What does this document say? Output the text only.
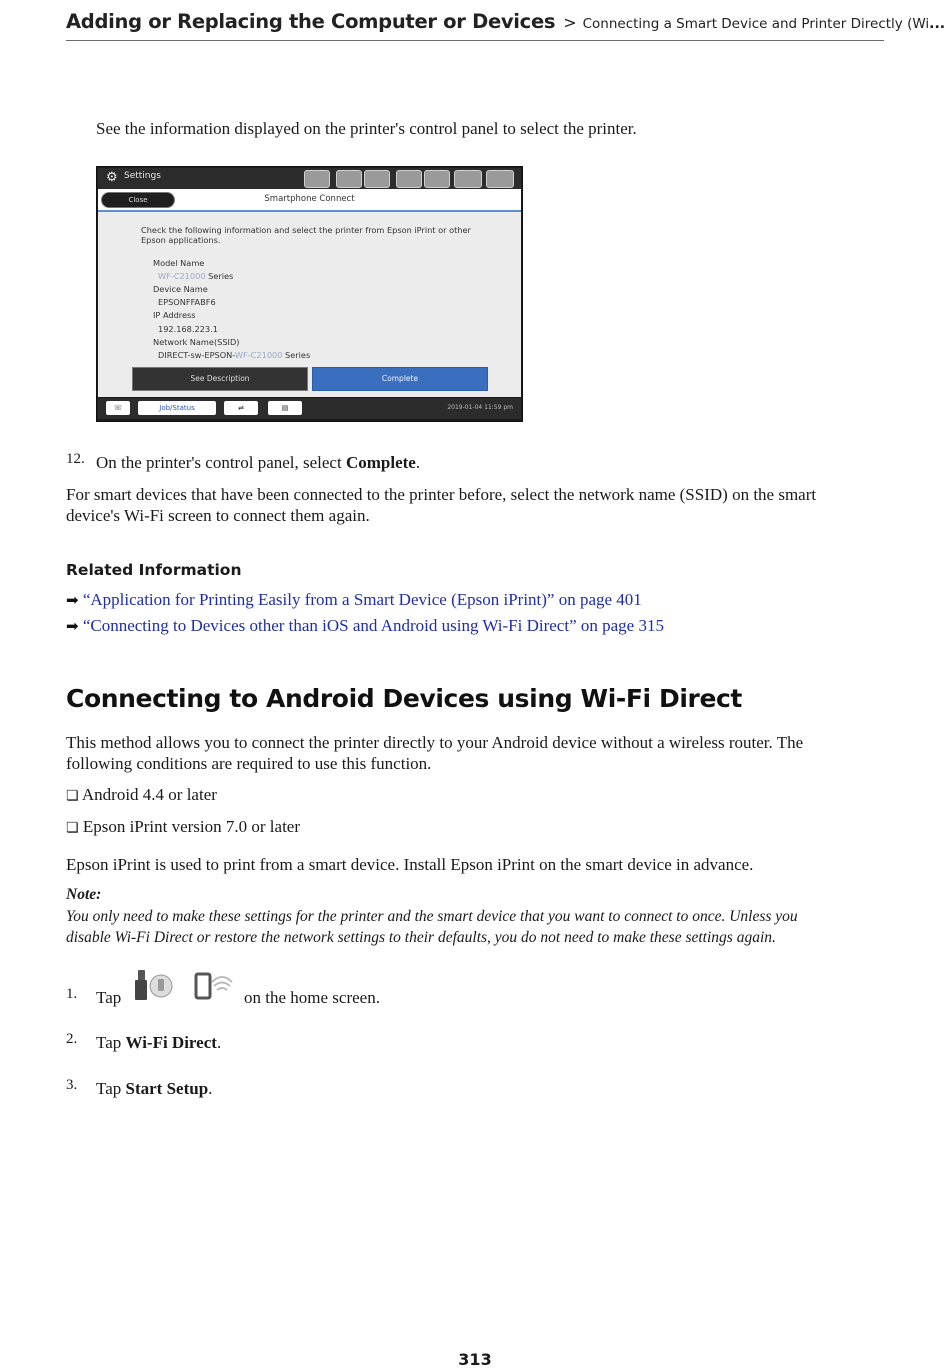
Adding or Replacing the Computer or Devices > Connecting a Smart Device and Printer Directly (Wi...
See the information displayed on the printer's control panel to select the printer.
⚙ Settings
Smartphone Connect
Close
Check the following information and select the printer from Epson iPrint or other
Epson applications.
Model Name
WF-C21000 Series
Device Name
EPSONFFABF6
IP Address
192.168.223.1
Network Name(SSID)
DIRECT-sw-EPSON-WF-C21000 Series
See Description	Complete
☏	Job/Status	⇌	▤	2019-01-04 11:59 pm
12. On the printer's control panel, select Complete.
For smart devices that have been connected to the printer before, select the network name (SSID) on the smart
device's Wi-Fi screen to connect them again.
Related Information
➡ “Application for Printing Easily from a Smart Device (Epson iPrint)” on page 401
➡ “Connecting to Devices other than iOS and Android using Wi-Fi Direct” on page 315
Connecting to Android Devices using Wi-Fi Direct
This method allows you to connect the printer directly to your Android device without a wireless router. The
following conditions are required to use this function.
❏ Android 4.4 or later
❏ Epson iPrint version 7.0 or later
Epson iPrint is used to print from a smart device. Install Epson iPrint on the smart device in advance.
Note:
You only need to make these settings for the printer and the smart device that you want to connect to once. Unless you
disable Wi-Fi Direct or restore the network settings to their defaults, you do not need to make these settings again.
1. Tap	on the home screen.
2. Tap Wi-Fi Direct.
3. Tap Start Setup.
313
